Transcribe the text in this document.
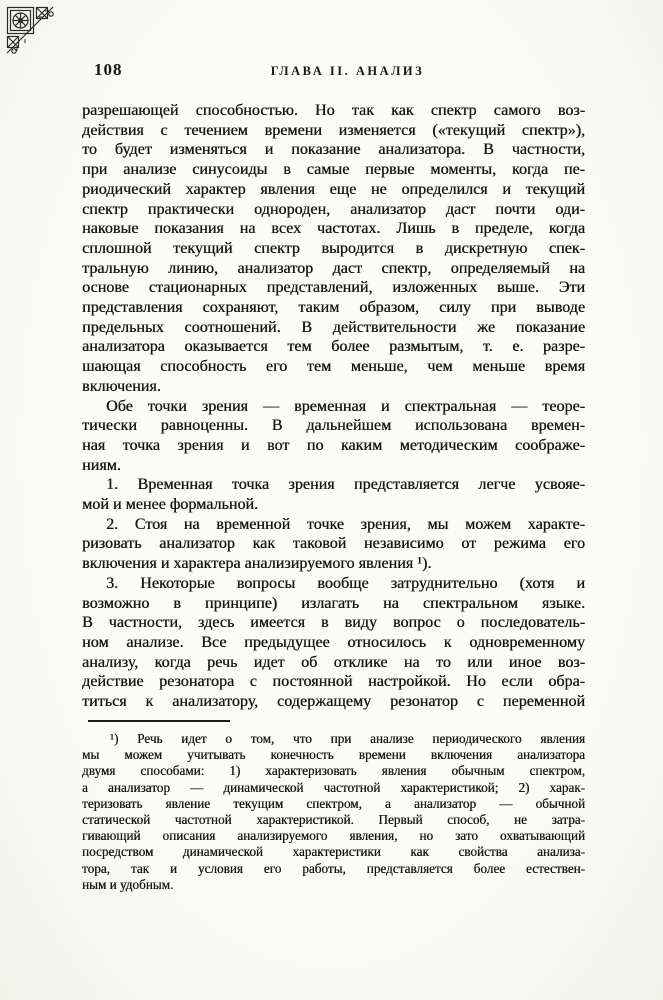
108	ГЛАВА II. АНАЛИЗ
разрешающей способностью. Но так как спектр самого воз-
действия с течением времени изменяется («текущий спектр»),
то будет изменяться и показание анализатора. В частности,
при анализе синусоиды в самые первые моменты, когда пе-
риодический характер явления еще не определился и текущий
спектр практически однороден, анализатор даст почти оди-
наковые показания на всех частотах. Лишь в пределе, когда
сплошной текущий спектр выродится в дискретную спек-
тральную линию, анализатор даст спектр, определяемый на
основе стационарных представлений, изложенных выше. Эти
представления сохраняют, таким образом, силу при выводе
предельных соотношений. В действительности же показание
анализатора оказывается тем более размытым, т. е. разре-
шающая способность его тем меньше, чем меньше время
включения.
Обе точки зрения — временная и спектральная — теоре-
тически равноценны. В дальнейшем использована времен-
ная точка зрения и вот по каким методическим соображе-
ниям.
1. Временная точка зрения представляется легче усвояе-
мой и менее формальной.
2. Стоя на временной точке зрения, мы можем характе-
ризовать анализатор как таковой независимо от режима его
включения и характера анализируемого явления ¹).
3. Некоторые вопросы вообще затруднительно (хотя и
возможно в принципе) излагать на спектральном языке.
В частности, здесь имеется в виду вопрос о последователь-
ном анализе. Все предыдущее относилось к одновременному
анализу, когда речь идет об отклике на то или иное воз-
действие резонатора с постоянной настройкой. Но если обра-
титься к анализатору, содержащему резонатор с переменной
¹) Речь идет о том, что при анализе периодического явления
мы можем учитывать конечность времени включения анализатора
двумя способами: 1) характеризовать явления обычным спектром,
а анализатор — динамической частотной характеристикой; 2) харак-
теризовать явление текущим спектром, а анализатор — обычной
статической частотной характеристикой. Первый способ, не затра-
гивающий описания анализируемого явления, но зато охватывающий
посредством динамической характеристики как свойства анализа-
тора, так и условия его работы, представляется более естествен-
ным и удобным.
